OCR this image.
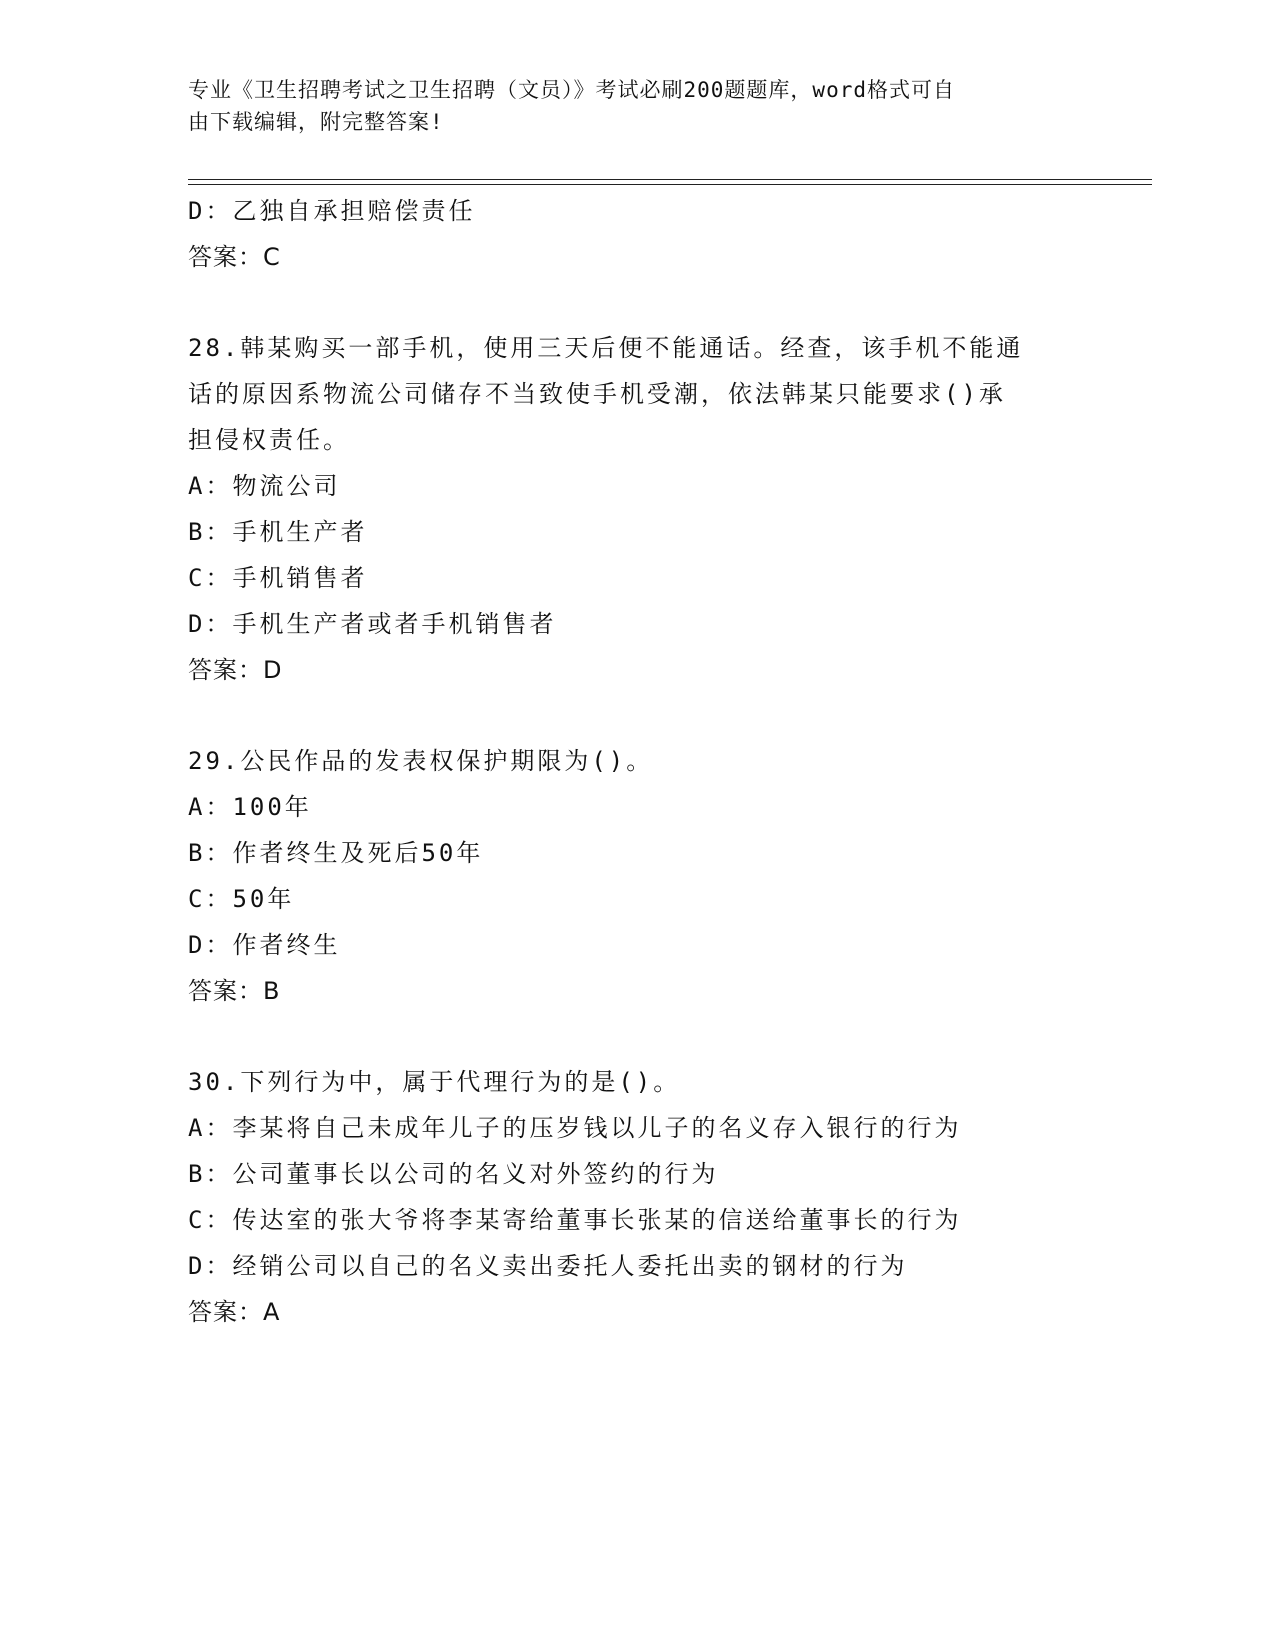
专业《卫生招聘考试之卫生招聘（文员）》考试必刷200题题库，word格式可自
由下载编辑，附完整答案!
D：乙独自承担赔偿责任
答案：C
28.韩某购买一部手机，使用三天后便不能通话。经查，该手机不能通
话的原因系物流公司储存不当致使手机受潮，依法韩某只能要求()承
担侵权责任。
A：物流公司
B：手机生产者
C：手机销售者
D：手机生产者或者手机销售者
答案：D
29.公民作品的发表权保护期限为()。
A：100年
B：作者终生及死后50年
C：50年
D：作者终生
答案：B
30.下列行为中，属于代理行为的是()。
A：李某将自己未成年儿子的压岁钱以儿子的名义存入银行的行为
B：公司董事长以公司的名义对外签约的行为
C：传达室的张大爷将李某寄给董事长张某的信送给董事长的行为
D：经销公司以自己的名义卖出委托人委托出卖的钢材的行为
答案：A
